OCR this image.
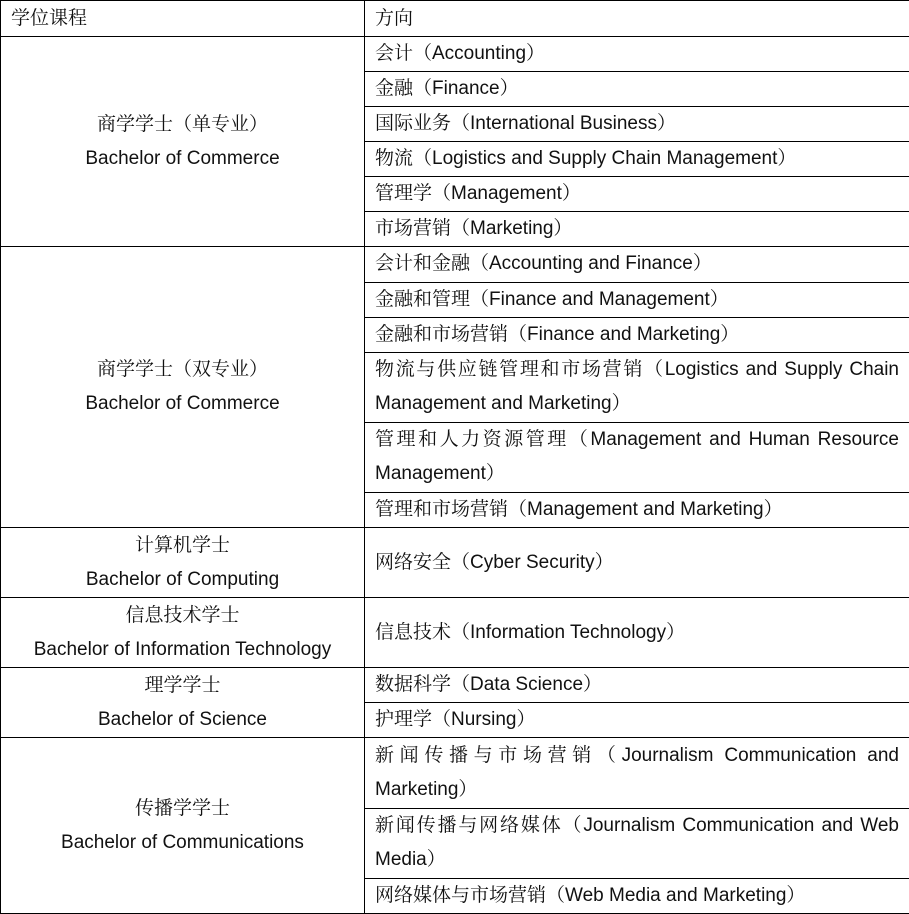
学位课程	方向
商学学士（单专业）
Bachelor of Commerce	会计（Accounting）
	金融（Finance）
	国际业务（International Business）
	物流（Logistics and Supply Chain Management）
	管理学（Management）
	市场营销（Marketing）
商学学士（双专业）
Bachelor of Commerce	会计和金融（Accounting and Finance）
	金融和管理（Finance and Management）
	金融和市场营销（Finance and Marketing）
	物流与供应链管理和市场营销（Logistics and Supply Chain Management and Marketing）
	管理和人力资源管理（Management and Human Resource Management）
	管理和市场营销（Management and Marketing）
计算机学士
Bachelor of Computing	网络安全（Cyber Security）
信息技术学士
Bachelor of Information Technology	信息技术（Information Technology）
理学学士
Bachelor of Science	数据科学（Data Science）
	护理学（Nursing）
传播学学士
Bachelor of Communications	新闻传播与市场营销（Journalism Communication and Marketing）
	新闻传播与网络媒体（Journalism Communication and Web Media）
	网络媒体与市场营销（Web Media and Marketing）
